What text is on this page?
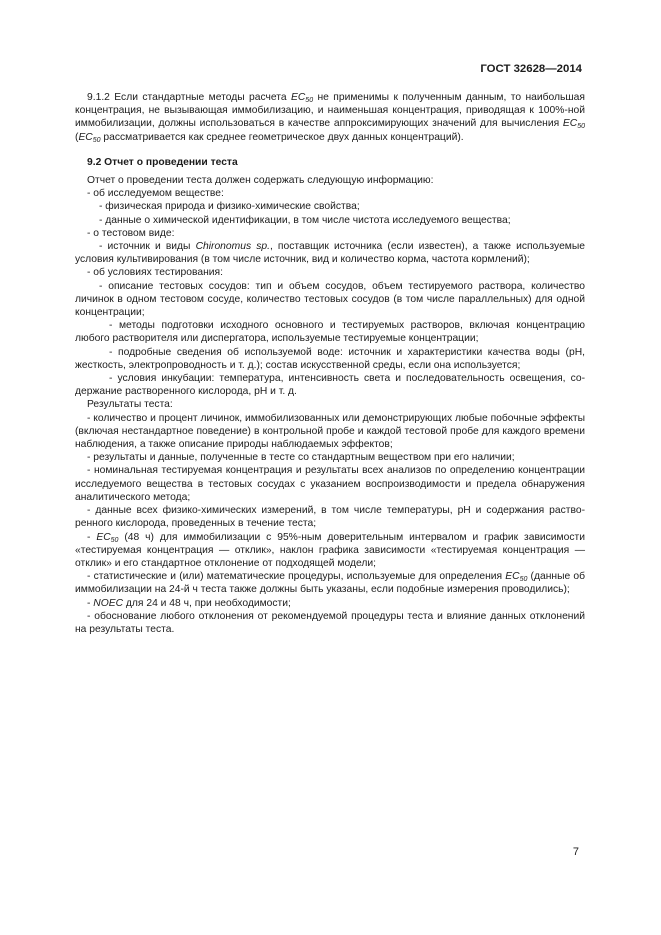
ГОСТ 32628—2014

9.1.2 Если стандартные методы расчета $EC_{50}$ не применимы к полученным данным, то наибольшая концентрация, не вызывающая иммобилизацию, и наименьшая концентрация, приводящая к 100%-ной иммобилизации, должны использоваться в качестве аппроксимирующих значений для вычисления $EC_{50}$ ($EC_{50}$ рассматривается как среднее геометрическое двух данных концентраций).

9.2 Отчет о проведении теста

Отчет о проведении теста должен содержать следующую информацию:

- об исследуемом веществе:

- физическая природа и физико-химические свойства;

- данные о химической идентификации, в том числе чистота исследуемого вещества;

- о тестовом виде:

- источник и виды Chironomus sp., поставщик источника (если известен), а также используемые условия культивирования (в том числе источник, вид и количество корма, частота кормлений);

- об условиях тестирования:

- описание тестовых сосудов: тип и объем сосудов, объем тестируемого раствора, количество личинок в одном тестовом сосуде, количество тестовых сосудов (в том числе параллельных) для одной концентрации;

- методы подготовки исходного основного и тестируемых растворов, включая концентрацию любого растворителя или диспергатора, используемые тестируемые концентрации;

- подробные сведения об используемой воде: источник и характеристики качества воды (pH, жесткость, электропроводность и т. д.); состав искусственной среды, если она используется;

- условия инкубации: температура, интенсивность света и последовательность освещения, содержание растворенного кислорода, pH и т. д.

Результаты теста:

- количество и процент личинок, иммобилизованных или демонстрирующих любые побочные эффекты (включая нестандартное поведение) в контрольной пробе и каждой тестовой пробе для каждого времени наблюдения, а также описание природы наблюдаемых эффектов;

- результаты и данные, полученные в тесте со стандартным веществом при его наличии;

- номинальная тестируемая концентрация и результаты всех анализов по определению концентрации исследуемого вещества в тестовых сосудах с указанием воспроизводимости и предела обнаружения аналитического метода;

- данные всех физико-химических измерений, в том числе температуры, pH и содержания растворенного кислорода, проведенных в течение теста;

- $EC_{50}$ (48 ч) для иммобилизации с 95%-ным доверительным интервалом и график зависимости «тестируемая концентрация — отклик», наклон графика зависимости «тестируемая концентрация — отклик» и его стандартное отклонение от подходящей модели;

- статистические и (или) математические процедуры, используемые для определения $EC_{50}$ (данные об иммобилизации на 24-й ч теста также должны быть указаны, если подобные измерения проводились);

- NOEC для 24 и 48 ч, при необходимости;

- обоснование любого отклонения от рекомендуемой процедуры теста и влияние данных отклонений на результаты теста.

7
